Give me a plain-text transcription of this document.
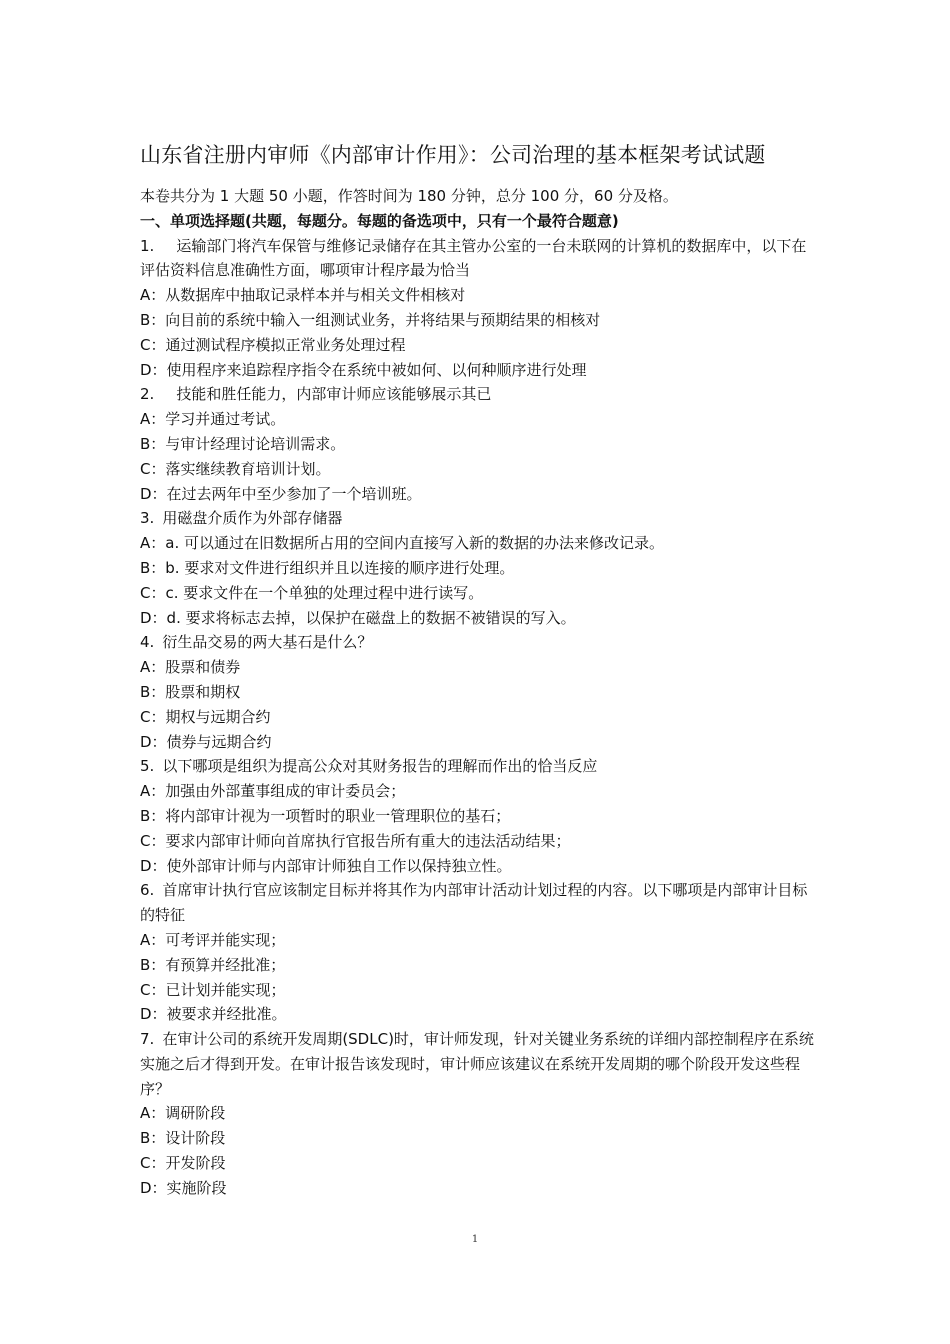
山东省注册内审师《内部审计作用》：公司治理的基本框架考试试题
本卷共分为 1 大题 50 小题，作答时间为 180 分钟，总分 100 分，60 分及格。
一、单项选择题(共题，每题分。每题的备选项中，只有一个最符合题意)
1. 运输部门将汽车保管与维修记录储存在其主管办公室的一台未联网的计算机的数据库中，以下在评估资料信息准确性方面，哪项审计程序最为恰当
A：从数据库中抽取记录样本并与相关文件相核对
B：向目前的系统中输入一组测试业务，并将结果与预期结果的相核对
C：通过测试程序模拟正常业务处理过程
D：使用程序来追踪程序指令在系统中被如何、以何种顺序进行处理
2. 技能和胜任能力，内部审计师应该能够展示其已
A：学习并通过考试。
B：与审计经理讨论培训需求。
C：落实继续教育培训计划。
D：在过去两年中至少参加了一个培训班。
3. 用磁盘介质作为外部存储器
A：a. 可以通过在旧数据所占用的空间内直接写入新的数据的办法来修改记录。
B：b. 要求对文件进行组织并且以连接的顺序进行处理。
C：c. 要求文件在一个单独的处理过程中进行读写。
D：d. 要求将标志去掉，以保护在磁盘上的数据不被错误的写入。
4. 衍生品交易的两大基石是什么？
A：股票和债券
B：股票和期权
C：期权与远期合约
D：债券与远期合约
5. 以下哪项是组织为提高公众对其财务报告的理解而作出的恰当反应
A：加强由外部董事组成的审计委员会；
B：将内部审计视为一项暂时的职业一管理职位的基石；
C：要求内部审计师向首席执行官报告所有重大的违法活动结果；
D：使外部审计师与内部审计师独自工作以保持独立性。
6. 首席审计执行官应该制定目标并将其作为内部审计活动计划过程的内容。以下哪项是内部审计目标的特征
A：可考评并能实现；
B：有预算并经批准；
C：已计划并能实现；
D：被要求并经批准。
7. 在审计公司的系统开发周期(SDLC)时，审计师发现，针对关键业务系统的详细内部控制程序在系统实施之后才得到开发。在审计报告该发现时，审计师应该建议在系统开发周期的哪个阶段开发这些程序？
A：调研阶段
B：设计阶段
C：开发阶段
D：实施阶段
1
